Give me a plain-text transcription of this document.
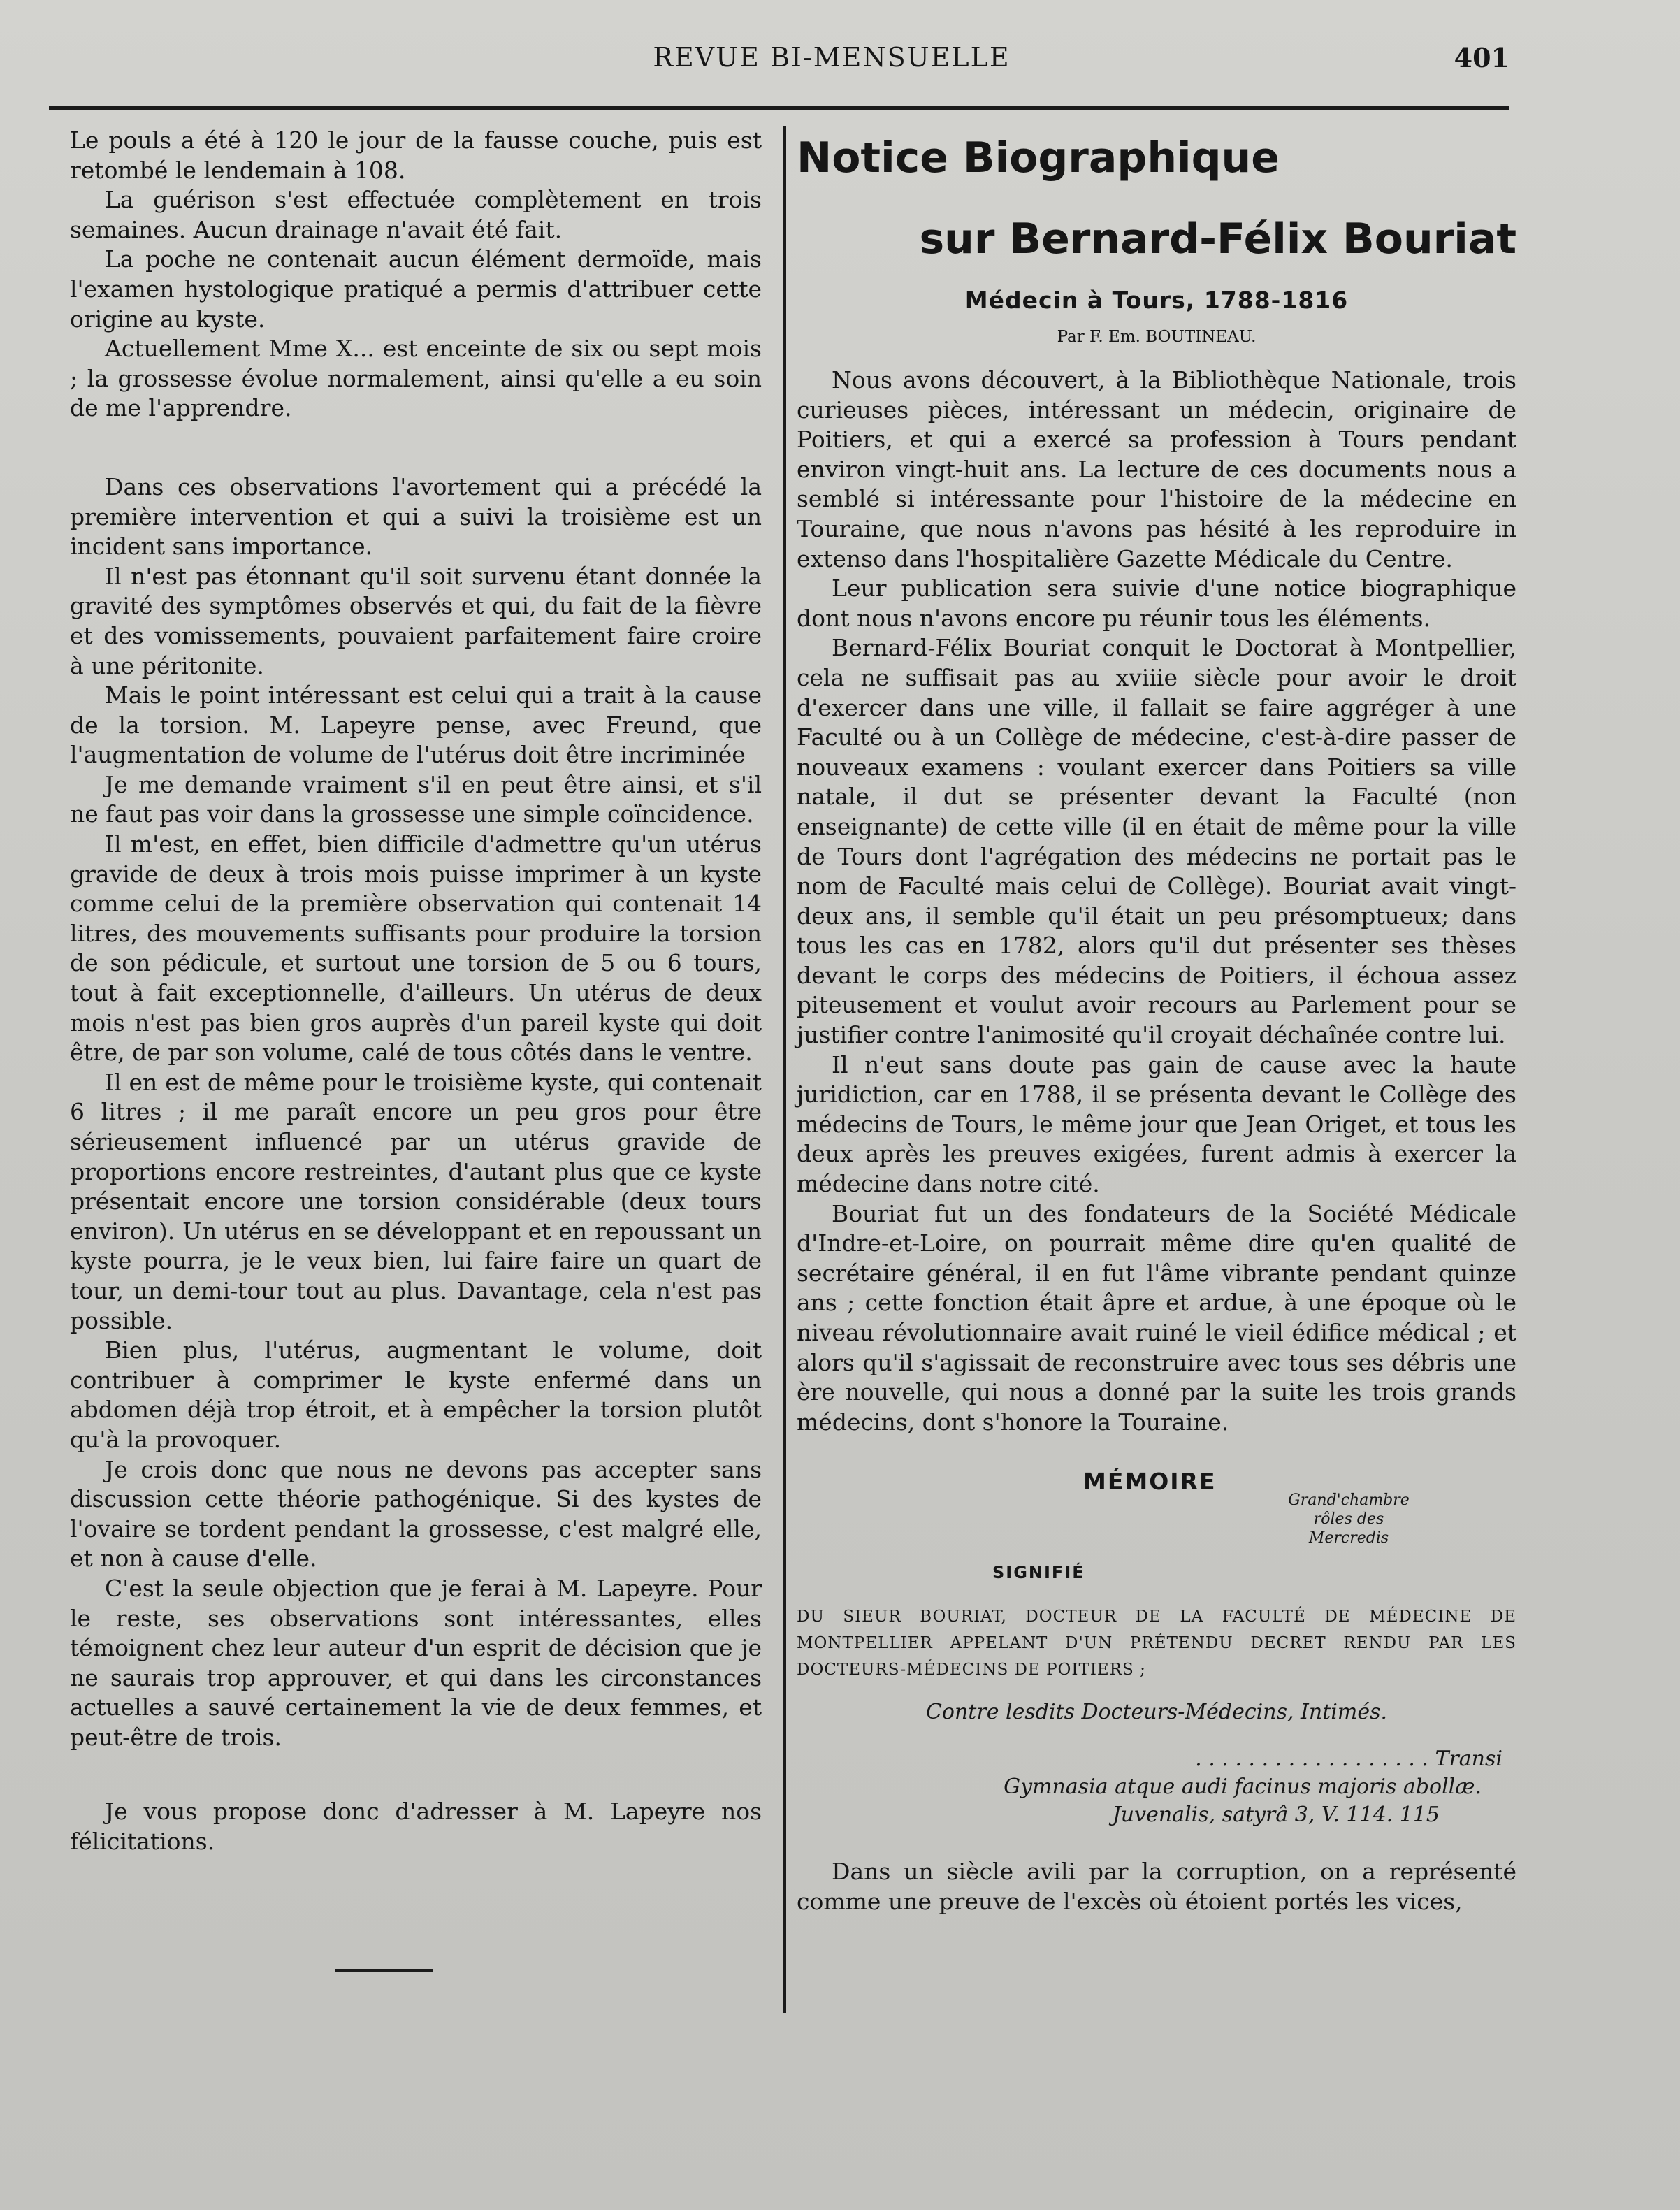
REVUE BI-MENSUELLE	401

Le pouls a été à 120 le jour de la fausse couche, puis est retombé le lendemain à 108.

La guérison s'est effectuée complètement en trois semaines. Aucun drainage n'avait été fait.

La poche ne contenait aucun élément dermoïde, mais l'examen hystologique pratiqué a permis d'attribuer cette origine au kyste.

Actuellement Mme X... est enceinte de six ou sept mois ; la grossesse évolue normalement, ainsi qu'elle a eu soin de me l'apprendre.

Dans ces observations l'avortement qui a précédé la première intervention et qui a suivi la troisième est un incident sans importance.

Il n'est pas étonnant qu'il soit survenu étant donnée la gravité des symptômes observés et qui, du fait de la fièvre et des vomissements, pouvaient parfaitement faire croire à une péritonite.

Mais le point intéressant est celui qui a trait à la cause de la torsion. M. Lapeyre pense, avec Freund, que l'augmentation de volume de l'utérus doit être incriminée

Je me demande vraiment s'il en peut être ainsi, et s'il ne faut pas voir dans la grossesse une simple coïncidence.

Il m'est, en effet, bien difficile d'admettre qu'un utérus gravide de deux à trois mois puisse imprimer à un kyste comme celui de la première observation qui contenait 14 litres, des mouvements suffisants pour produire la torsion de son pédicule, et surtout une torsion de 5 ou 6 tours, tout à fait exceptionnelle, d'ailleurs. Un utérus de deux mois n'est pas bien gros auprès d'un pareil kyste qui doit être, de par son volume, calé de tous côtés dans le ventre.

Il en est de même pour le troisième kyste, qui contenait 6 litres ; il me paraît encore un peu gros pour être sérieusement influencé par un utérus gravide de proportions encore restreintes, d'autant plus que ce kyste présentait encore une torsion considérable (deux tours environ). Un utérus en se développant et en repoussant un kyste pourra, je le veux bien, lui faire faire un quart de tour, un demi-tour tout au plus. Davantage, cela n'est pas possible.

Bien plus, l'utérus, augmentant le volume, doit contribuer à comprimer le kyste enfermé dans un abdomen déjà trop étroit, et à empêcher la torsion plutôt qu'à la provoquer.

Je crois donc que nous ne devons pas accepter sans discussion cette théorie pathogénique. Si des kystes de l'ovaire se tordent pendant la grossesse, c'est malgré elle, et non à cause d'elle.

C'est la seule objection que je ferai à M. Lapeyre. Pour le reste, ses observations sont intéressantes, elles témoignent chez leur auteur d'un esprit de décision que je ne saurais trop approuver, et qui dans les circonstances actuelles a sauvé certainement la vie de deux femmes, et peut-être de trois.

Je vous propose donc d'adresser à M. Lapeyre nos félicitations.

Notice Biographique
sur Bernard-Félix Bouriat
Médecin à Tours, 1788-1816
Par F. Em. BOUTINEAU.

Nous avons découvert, à la Bibliothèque Nationale, trois curieuses pièces, intéressant un médecin, originaire de Poitiers, et qui a exercé sa profession à Tours pendant environ vingt-huit ans. La lecture de ces documents nous a semblé si intéressante pour l'histoire de la médecine en Touraine, que nous n'avons pas hésité à les reproduire in extenso dans l'hospitalière Gazette Médicale du Centre.

Leur publication sera suivie d'une notice biographique dont nous n'avons encore pu réunir tous les éléments.

Bernard-Félix Bouriat conquit le Doctorat à Montpellier, cela ne suffisait pas au xviiie siècle pour avoir le droit d'exercer dans une ville, il fallait se faire aggréger à une Faculté ou à un Collège de médecine, c'est-à-dire passer de nouveaux examens : voulant exercer dans Poitiers sa ville natale, il dut se présenter devant la Faculté (non enseignante) de cette ville (il en était de même pour la ville de Tours dont l'agrégation des médecins ne portait pas le nom de Faculté mais celui de Collège). Bouriat avait vingt-deux ans, il semble qu'il était un peu présomptueux; dans tous les cas en 1782, alors qu'il dut présenter ses thèses devant le corps des médecins de Poitiers, il échoua assez piteusement et voulut avoir recours au Parlement pour se justifier contre l'animosité qu'il croyait déchaînée contre lui.

Il n'eut sans doute pas gain de cause avec la haute juridiction, car en 1788, il se présenta devant le Collège des médecins de Tours, le même jour que Jean Origet, et tous les deux après les preuves exigées, furent admis à exercer la médecine dans notre cité.

Bouriat fut un des fondateurs de la Société Médicale d'Indre-et-Loire, on pourrait même dire qu'en qualité de secrétaire général, il en fut l'âme vibrante pendant quinze ans ; cette fonction était âpre et ardue, à une époque où le niveau révolutionnaire avait ruiné le vieil édifice médical ; et alors qu'il s'agissait de reconstruire avec tous ses débris une ère nouvelle, qui nous a donné par la suite les trois grands médecins, dont s'honore la Touraine.

MÉMOIRE
Grand'chambre
rôles des Mercredis
SIGNIFIÉ
DU SIEUR BOURIAT, DOCTEUR DE LA FACULTÉ DE MÉDECINE DE MONTPELLIER APPELANT D'UN PRÉTENDU DECRET RENDU PAR LES DOCTEURS-MÉDECINS DE POITIERS ;
Contre lesdits Docteurs-Médecins, Intimés.
. . . . . . . . . . . . . . . . . . Transi
Gymnasia atque audi facinus majoris abollæ.
Juvenalis, satyrâ 3, V. 114. 115

Dans un siècle avili par la corruption, on a représenté comme une preuve de l'excès où étoient portés les vices,
